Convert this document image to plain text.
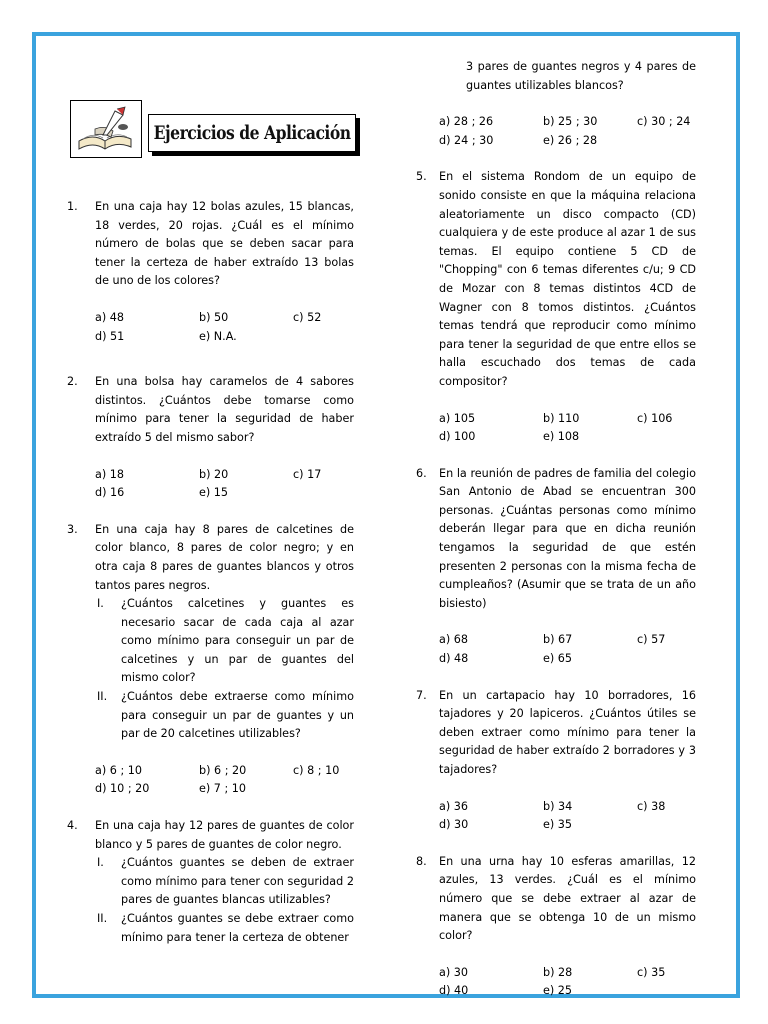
Ejercicios de Aplicación
1.	En una caja hay 12 bolas azules, 15 blancas, 18 verdes, 20 rojas. ¿Cuál es el mínimo número de bolas que se deben sacar para tener la certeza de haber extraído 13 bolas de uno de los colores?
a) 48	b) 50	c) 52
d) 51	e) N.A.
2.	En una bolsa hay caramelos de 4 sabores distintos. ¿Cuántos debe tomarse como mínimo para tener la seguridad de haber extraído 5 del mismo sabor?
a) 18	b) 20	c) 17
d) 16	e) 15
3.	En una caja hay 8 pares de calcetines de color blanco, 8 pares de color negro; y en otra caja 8 pares de guantes blancos y otros tantos pares negros.
I. ¿Cuántos calcetines y guantes es necesario sacar de cada caja al azar como mínimo para conseguir un par de calcetines y un par de guantes del mismo color?
II. ¿Cuántos debe extraerse como mínimo para conseguir un par de guantes y un par de 20 calcetines utilizables?
a) 6 ; 10	b) 6 ; 20	c) 8 ; 10
d) 10 ; 20	e) 7 ; 10
4.	En una caja hay 12 pares de guantes de color blanco y 5 pares de guantes de color negro.
I. ¿Cuántos guantes se deben de extraer como mínimo para tener con seguridad 2 pares de guantes blancas utilizables?
II. ¿Cuántos guantes se debe extraer como mínimo para tener la certeza de obtener
3 pares de guantes negros y 4 pares de guantes utilizables blancos?
a) 28 ; 26	b) 25 ; 30	c) 30 ; 24
d) 24 ; 30	e) 26 ; 28
5.	En el sistema Rondom de un equipo de sonido consiste en que la máquina relaciona aleatoriamente un disco compacto (CD) cualquiera y de este produce al azar 1 de sus temas. El equipo contiene 5 CD de "Chopping" con 6 temas diferentes c/u; 9 CD de Mozar con 8 temas distintos 4CD de Wagner con 8 tomos distintos. ¿Cuántos temas tendrá que reproducir como mínimo para tener la seguridad de que entre ellos se halla escuchado dos temas de cada compositor?
a) 105	b) 110	c) 106
d) 100	e) 108
6.	En la reunión de padres de familia del colegio San Antonio de Abad se encuentran 300 personas. ¿Cuántas personas como mínimo deberán llegar para que en dicha reunión tengamos la seguridad de que estén presenten 2 personas con la misma fecha de cumpleaños? (Asumir que se trata de un año bisiesto)
a) 68	b) 67	c) 57
d) 48	e) 65
7.	En un cartapacio hay 10 borradores, 16 tajadores y 20 lapiceros. ¿Cuántos útiles se deben extraer como mínimo para tener la seguridad de haber extraído 2 borradores y 3 tajadores?
a) 36	b) 34	c) 38
d) 30	e) 35
8.	En una urna hay 10 esferas amarillas, 12 azules, 13 verdes. ¿Cuál es el mínimo número que se debe extraer al azar de manera que se obtenga 10 de un mismo color?
a) 30	b) 28	c) 35
d) 40	e) 25
